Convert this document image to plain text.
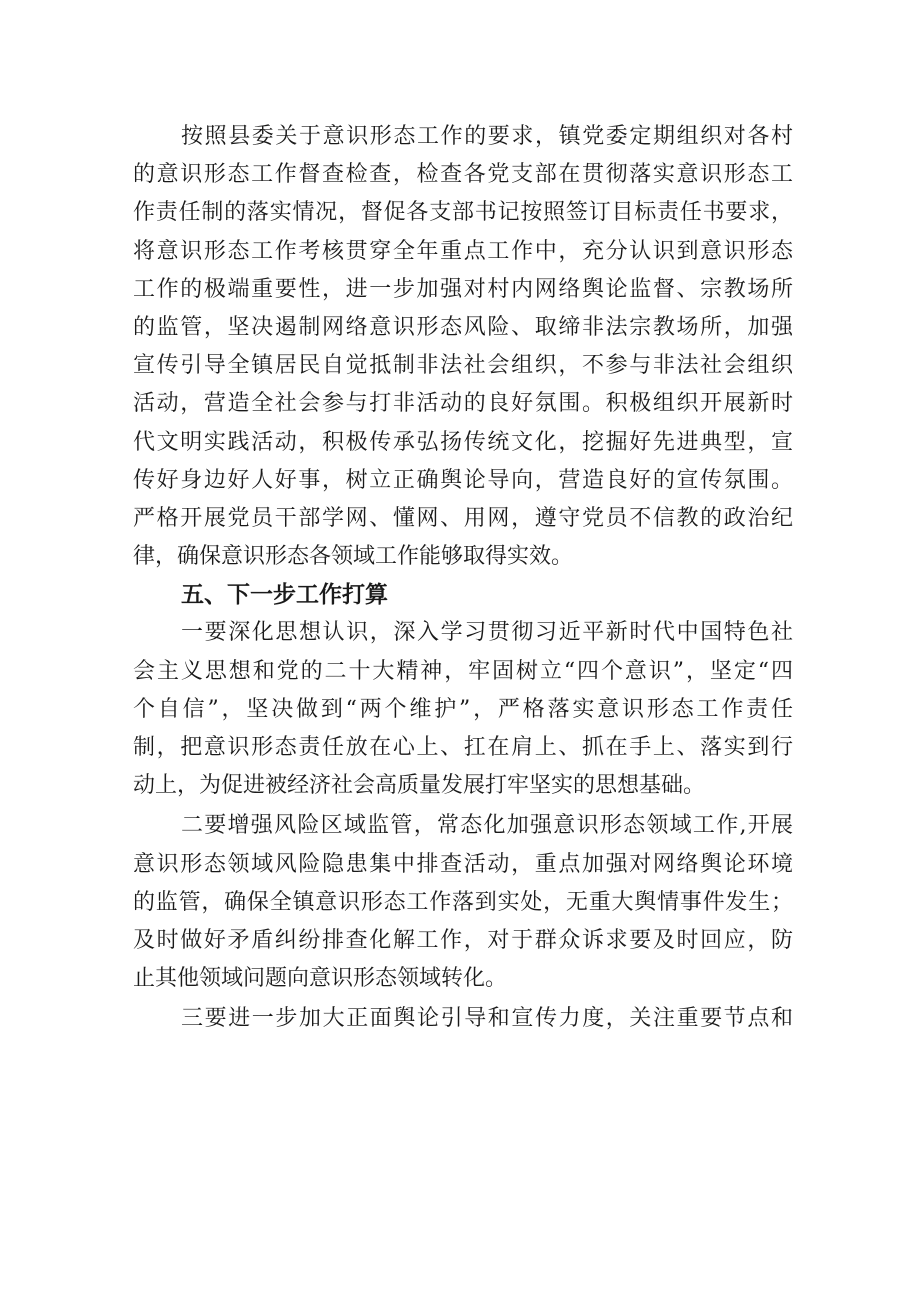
按照县委关于意识形态工作的要求，镇党委定期组织对各村
的意识形态工作督查检查，检查各党支部在贯彻落实意识形态工
作责任制的落实情况，督促各支部书记按照签订目标责任书要求，
将意识形态工作考核贯穿全年重点工作中，充分认识到意识形态
工作的极端重要性，进一步加强对村内网络舆论监督、宗教场所
的监管，坚决遏制网络意识形态风险、取缔非法宗教场所，加强
宣传引导全镇居民自觉抵制非法社会组织，不参与非法社会组织
活动，营造全社会参与打非活动的良好氛围。积极组织开展新时
代文明实践活动，积极传承弘扬传统文化，挖掘好先进典型，宣
传好身边好人好事，树立正确舆论导向，营造良好的宣传氛围。
严格开展党员干部学网、懂网、用网，遵守党员不信教的政治纪
律，确保意识形态各领域工作能够取得实效。
五、下一步工作打算
一要深化思想认识，深入学习贯彻习近平新时代中国特色社
会主义思想和党的二十大精神，牢固树立“四个意识”，坚定“四
个自信”，坚决做到“两个维护”，严格落实意识形态工作责任
制，把意识形态责任放在心上、扛在肩上、抓在手上、落实到行
动上，为促进被经济社会高质量发展打牢坚实的思想基础。
二要增强风险区域监管，常态化加强意识形态领域工作,开展
意识形态领域风险隐患集中排查活动，重点加强对网络舆论环境
的监管，确保全镇意识形态工作落到实处，无重大舆情事件发生；
及时做好矛盾纠纷排查化解工作，对于群众诉求要及时回应，防
止其他领域问题向意识形态领域转化。
三要进一步加大正面舆论引导和宣传力度，关注重要节点和
